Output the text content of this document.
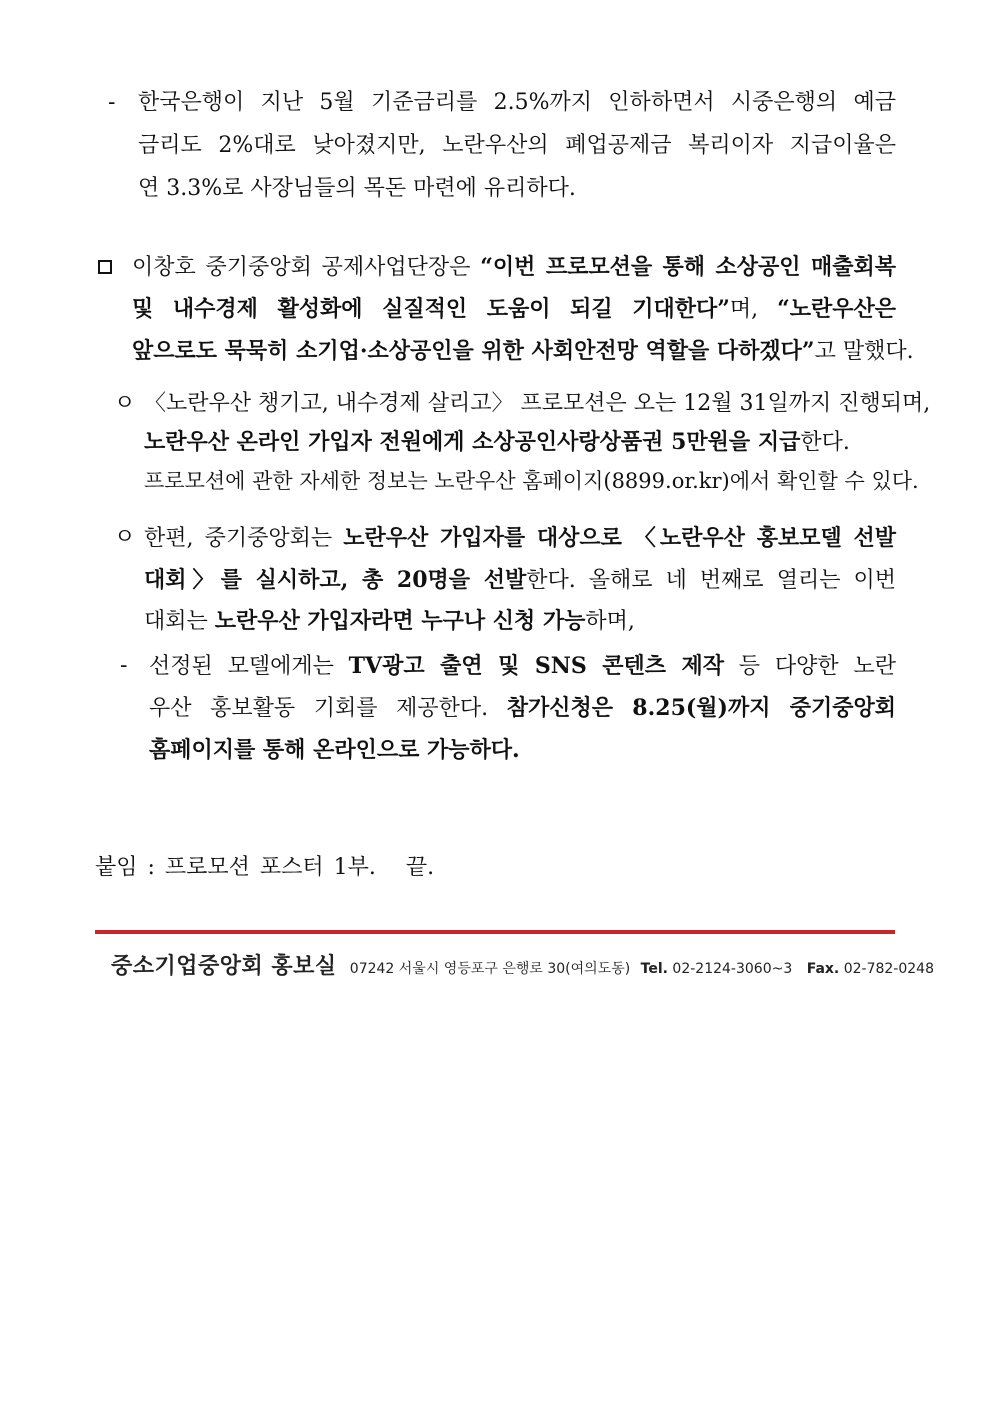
- 한국은행이 지난 5월 기준금리를 2.5%까지 인하하면서 시중은행의 예금
금리도 2%대로 낮아졌지만, 노란우산의 폐업공제금 복리이자 지급이율은
연 3.3%로 사장님들의 목돈 마련에 유리하다.
이창호 중기중앙회 공제사업단장은 “이번 프로모션을 통해 소상공인 매출회복
및 내수경제 활성화에 실질적인 도움이 되길 기대한다”며, “노란우산은
앞으로도 묵묵히 소기업·소상공인을 위한 사회안전망 역할을 다하겠다”고 말했다.
ㅇ 〈노란우산 챙기고, 내수경제 살리고〉 프로모션은 오는 12월 31일까지 진행되며,
노란우산 온라인 가입자 전원에게 소상공인사랑상품권 5만원을 지급한다.
프로모션에 관한 자세한 정보는 노란우산 홈페이지(8899.or.kr)에서 확인할 수 있다.
ㅇ 한편, 중기중앙회는 노란우산 가입자를 대상으로 〈노란우산 홍보모델 선발
대회〉를 실시하고, 총 20명을 선발한다. 올해로 네 번째로 열리는 이번
대회는 노란우산 가입자라면 누구나 신청 가능하며,
- 선정된 모델에게는 TV광고 출연 및 SNS 콘텐츠 제작 등 다양한 노란
우산 홍보활동 기회를 제공한다. 참가신청은 8.25(월)까지 중기중앙회
홈페이지를 통해 온라인으로 가능하다.
붙임 : 프로모션 포스터 1부.   끝.
중소기업중앙회 홍보실 07242 서울시 영등포구 은행로 30(여의도동) Tel. 02-2124-3060~3 Fax. 02-782-0248
